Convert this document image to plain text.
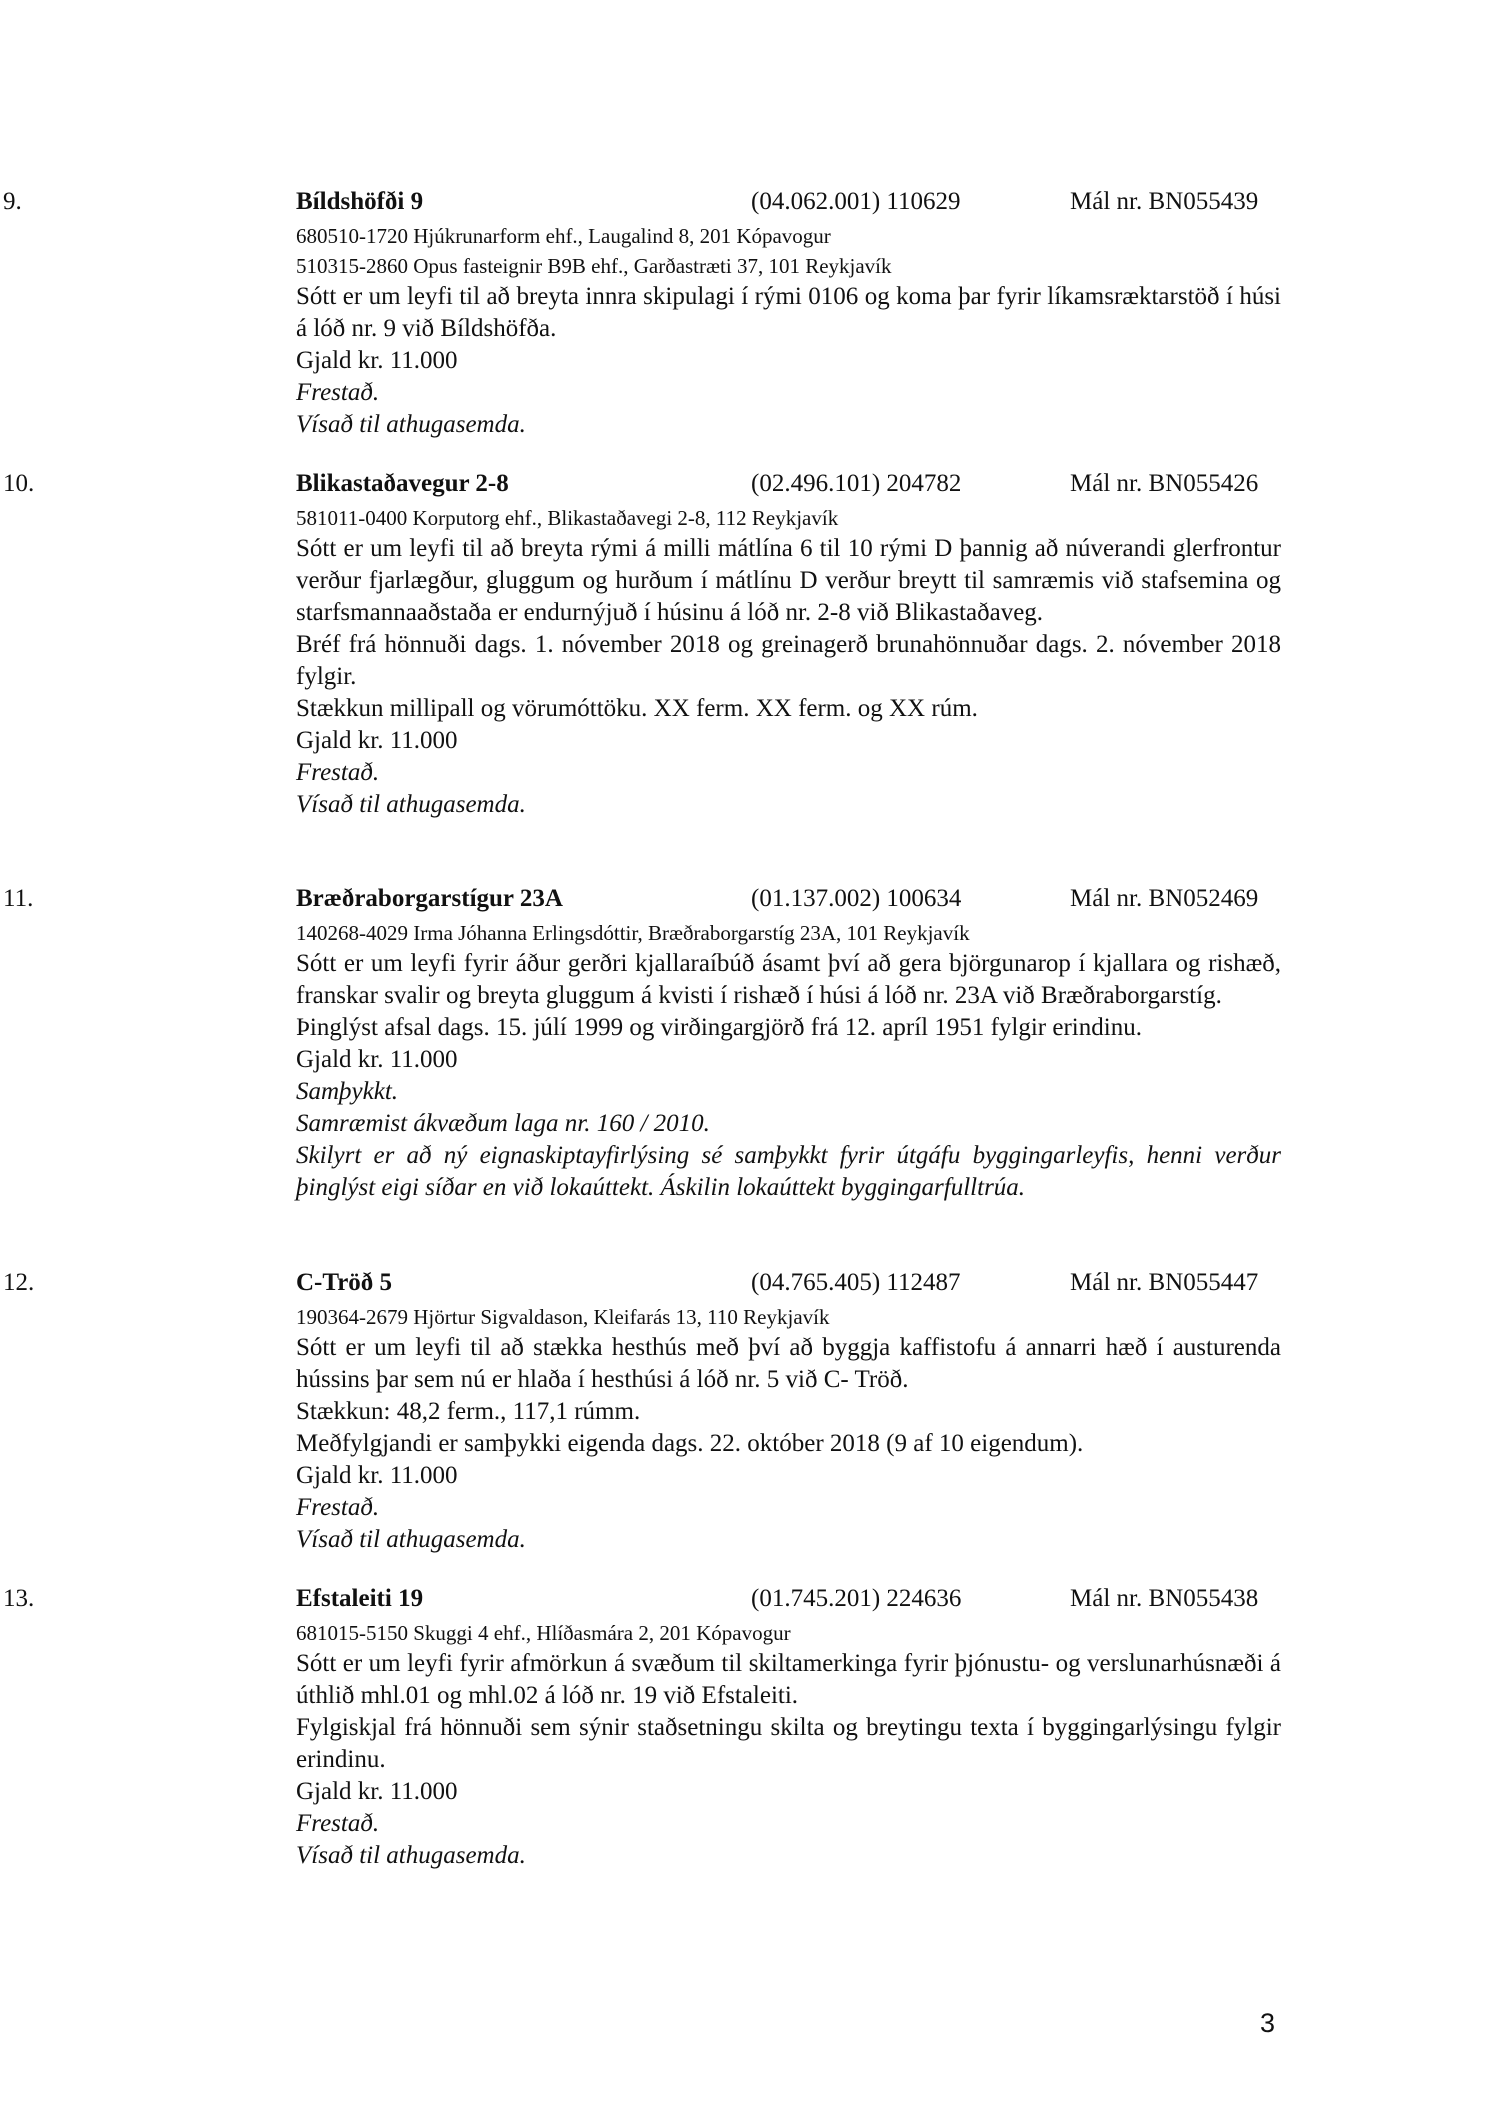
9.	Bíldshöfði 9	(04.062.001) 110629	Mál nr. BN055439
680510-1720 Hjúkrunarform ehf., Laugalind 8, 201 Kópavogur
510315-2860 Opus fasteignir B9B ehf., Garðastræti 37, 101 Reykjavík
Sótt er um leyfi til að breyta innra skipulagi í rými 0106 og koma þar fyrir líkamsræktarstöð í húsi á lóð nr. 9 við Bíldshöfða.
Gjald kr. 11.000
Frestað.
Vísað til athugasemda.
10.	Blikastaðavegur 2-8	(02.496.101) 204782	Mál nr. BN055426
581011-0400 Korputorg ehf., Blikastaðavegi 2-8, 112 Reykjavík
Sótt er um leyfi til að breyta rými á milli mátlína 6 til 10 rými D þannig að núverandi glerfrontur verður fjarlægður, gluggum og hurðum í mátlínu D verður breytt til samræmis við stafsemina og starfsmannaaðstaða er endurnýjuð í húsinu á lóð nr. 2-8 við Blikastaðaveg.
Bréf frá hönnuði dags. 1. nóvember 2018 og greinagerð brunahönnuðar dags. 2. nóvember 2018 fylgir.
Stækkun millipall og vörumóttöku. XX ferm. XX ferm. og XX rúm.
Gjald kr. 11.000
Frestað.
Vísað til athugasemda.
11.	Bræðraborgarstígur 23A	(01.137.002) 100634	Mál nr. BN052469
140268-4029 Irma Jóhanna Erlingsdóttir, Bræðraborgarstíg 23A, 101 Reykjavík
Sótt er um leyfi fyrir áður gerðri kjallaraíbúð ásamt því að gera björgunarop í kjallara og rishæð, franskar svalir og breyta gluggum á kvisti í rishæð í húsi á lóð nr. 23A við Bræðraborgarstíg.
Þinglýst afsal dags. 15. júlí 1999 og virðingargjörð frá 12. apríl 1951 fylgir erindinu.
Gjald kr. 11.000
Samþykkt.
Samræmist ákvæðum laga nr. 160 / 2010.
Skilyrt er að ný eignaskiptayfirlýsing sé samþykkt fyrir útgáfu byggingarleyfis, henni verður þinglýst eigi síðar en við lokaúttekt. Áskilin lokaúttekt byggingarfulltrúa.
12.	C-Tröð 5	(04.765.405) 112487	Mál nr. BN055447
190364-2679 Hjörtur Sigvaldason, Kleifarás 13, 110 Reykjavík
Sótt er um leyfi til að stækka hesthús með því að byggja kaffistofu á annarri hæð í austurenda hússins þar sem nú er hlaða í hesthúsi á lóð nr. 5 við C- Tröð.
Stækkun: 48,2 ferm., 117,1 rúmm.
Meðfylgjandi er samþykki eigenda dags. 22. október 2018 (9 af 10 eigendum).
Gjald kr. 11.000
Frestað.
Vísað til athugasemda.
13.	Efstaleiti 19	(01.745.201) 224636	Mál nr. BN055438
681015-5150 Skuggi 4 ehf., Hlíðasmára 2, 201 Kópavogur
Sótt er um leyfi fyrir afmörkun á svæðum til skiltamerkinga fyrir þjónustu- og verslunarhúsnæði á úthlið mhl.01 og mhl.02 á lóð nr. 19 við Efstaleiti.
Fylgiskjal frá hönnuði sem sýnir staðsetningu skilta og breytingu texta í byggingarlýsingu fylgir erindinu.
Gjald kr. 11.000
Frestað.
Vísað til athugasemda.
3
